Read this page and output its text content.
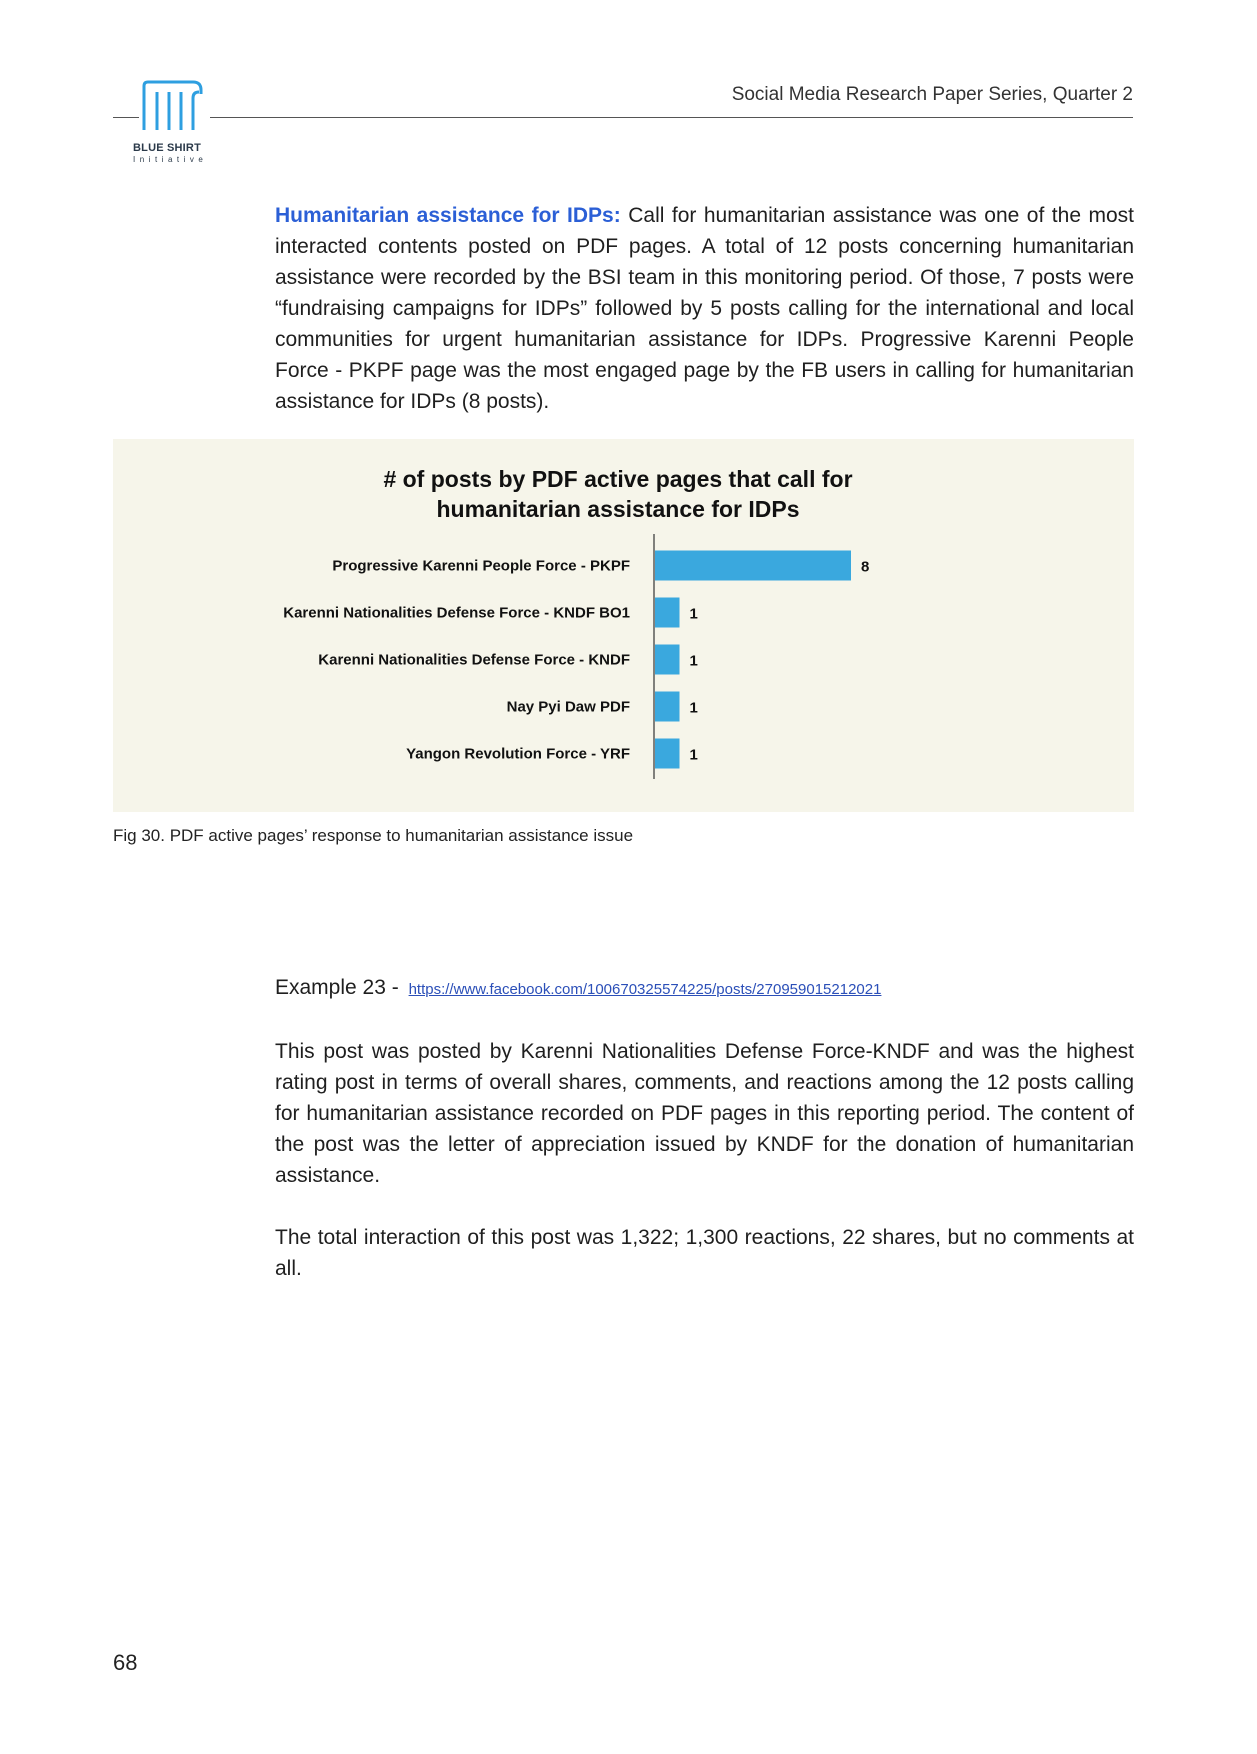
BLUE SHIRT
Initiative
Social Media Research Paper Series, Quarter 2
Humanitarian assistance for IDPs: Call for humanitarian assistance was one of the most interacted contents posted on PDF pages. A total of 12 posts concerning humanitarian assistance were recorded by the BSI team in this monitoring period. Of those, 7 posts were “fundraising campaigns for IDPs” followed by 5 posts calling for the international and local communities for urgent humanitarian assistance for IDPs. Progressive Karenni People Force - PKPF page was the most engaged page by the FB users in calling for humanitarian assistance for IDPs (8 posts).
# of posts by PDF active pages that call for
humanitarian assistance for IDPs
Progressive Karenni People Force - PKPF	8
Karenni Nationalities Defense Force - KNDF BO1	1
Karenni Nationalities Defense Force - KNDF	1
Nay Pyi Daw PDF	1
Yangon Revolution Force - YRF	1
Fig 30. PDF active pages’ response to humanitarian assistance issue
Example 23 - https://www.facebook.com/100670325574225/posts/270959015212021
This post was posted by Karenni Nationalities Defense Force-KNDF and was the highest rating post in terms of overall shares, comments, and reactions among the 12 posts calling for humanitarian assistance recorded on PDF pages in this reporting period. The content of the post was the letter of appreciation issued by KNDF for the donation of humanitarian assistance.
The total interaction of this post was 1,322; 1,300 reactions, 22 shares, but no comments at all.
68
